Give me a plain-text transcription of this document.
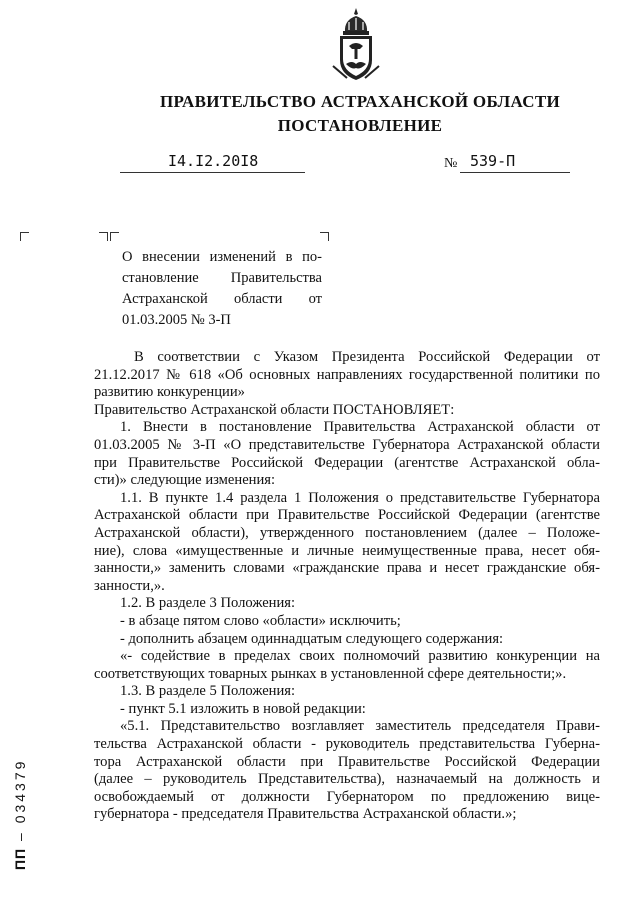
ПРАВИТЕЛЬСТВО АСТРАХАНСКОЙ ОБЛАСТИ
ПОСТАНОВЛЕНИЕ
I4.I2.20I8	№ 539-П
О внесении изменений в по-
становление Правительства
Астраханской области от
01.03.2005 № 3-П

В соответствии с Указом Президента Российской Федерации от
21.12.2017 № 618 «Об основных направлениях государственной политики по
развитию конкуренции»

Правительство Астраханской области ПОСТАНОВЛЯЕТ:

1. Внести в постановление Правительства Астраханской области от
01.03.2005 № 3-П «О представительстве Губернатора Астраханской области
при Правительстве Российской Федерации (агентстве Астраханской обла-
сти)» следующие изменения:

1.1. В пункте 1.4 раздела 1 Положения о представительстве Губернатора
Астраханской области при Правительстве Российской Федерации (агентстве
Астраханской области), утвержденного постановлением (далее – Положе-
ние), слова «имущественные и личные неимущественные права, несет обя-
занности,» заменить словами «гражданские права и несет гражданские обя-
занности,».

1.2. В разделе 3 Положения:

- в абзаце пятом слово «области» исключить;

- дополнить абзацем одиннадцатым следующего содержания:

«- содействие в пределах своих полномочий развитию конкуренции на
соответствующих товарных рынках в установленной сфере деятельности;».

1.3. В разделе 5 Положения:

- пункт 5.1 изложить в новой редакции:

«5.1. Представительство возглавляет заместитель председателя Прави-
тельства Астраханской области - руководитель представительства Губерна-
тора Астраханской области при Правительстве Российской Федерации
(далее – руководитель Представительства), назначаемый на должность и
освобождаемый от должности Губернатором по предложению вице-
губернатора - председателя Правительства Астраханской области.»;

ПП – 034379
